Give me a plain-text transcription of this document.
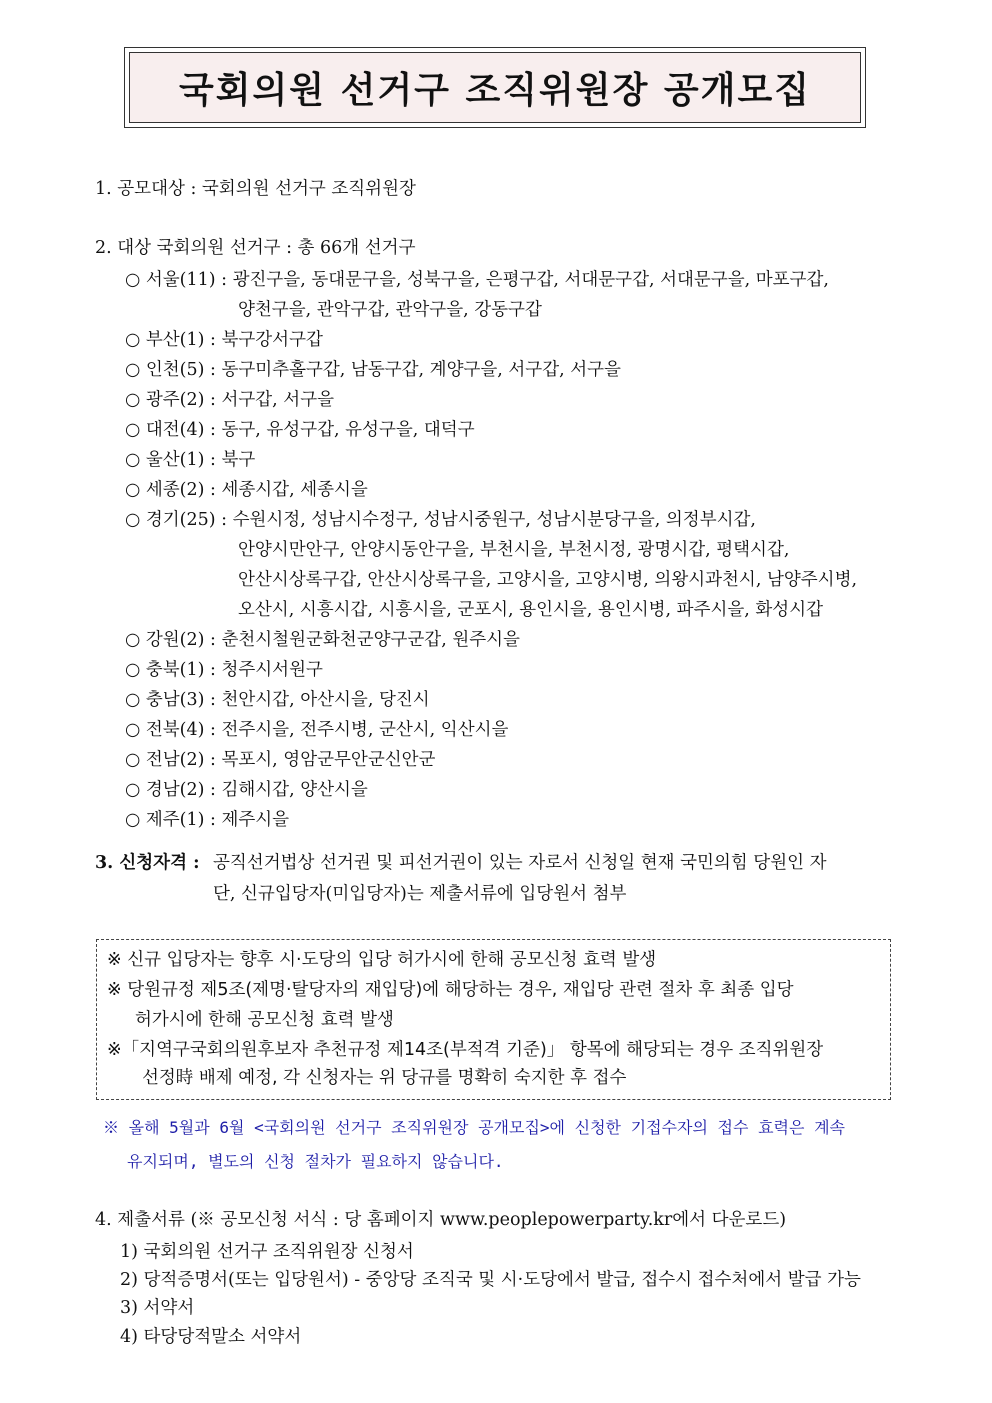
국회의원 선거구 조직위원장 공개모집
1. 공모대상 : 국회의원 선거구 조직위원장
2. 대상 국회의원 선거구 : 총 66개 선거구
○ 서울(11) : 광진구을, 동대문구을, 성북구을, 은평구갑, 서대문구갑, 서대문구을, 마포구갑,
양천구을, 관악구갑, 관악구을, 강동구갑
○ 부산(1) : 북구강서구갑
○ 인천(5) : 동구미추홀구갑, 남동구갑, 계양구을, 서구갑, 서구을
○ 광주(2) : 서구갑, 서구을
○ 대전(4) : 동구, 유성구갑, 유성구을, 대덕구
○ 울산(1) : 북구
○ 세종(2) : 세종시갑, 세종시을
○ 경기(25) : 수원시정, 성남시수정구, 성남시중원구, 성남시분당구을, 의정부시갑,
안양시만안구, 안양시동안구을, 부천시을, 부천시정, 광명시갑, 평택시갑,
안산시상록구갑, 안산시상록구을, 고양시을, 고양시병, 의왕시과천시, 남양주시병,
오산시, 시흥시갑, 시흥시을, 군포시, 용인시을, 용인시병, 파주시을, 화성시갑
○ 강원(2) : 춘천시철원군화천군양구군갑, 원주시을
○ 충북(1) : 청주시서원구
○ 충남(3) : 천안시갑, 아산시을, 당진시
○ 전북(4) : 전주시을, 전주시병, 군산시, 익산시을
○ 전남(2) : 목포시, 영암군무안군신안군
○ 경남(2) : 김해시갑, 양산시을
○ 제주(1) : 제주시을
3. 신청자격 : 공직선거법상 선거권 및 피선거권이 있는 자로서 신청일 현재 국민의힘 당원인 자
단, 신규입당자(미입당자)는 제출서류에 입당원서 첨부
※ 신규 입당자는 향후 시·도당의 입당 허가시에 한해 공모신청 효력 발생
※ 당원규정 제5조(제명·탈당자의 재입당)에 해당하는 경우, 재입당 관련 절차 후 최종 입당
허가시에 한해 공모신청 효력 발생
※「지역구국회의원후보자 추천규정 제14조(부적격 기준)」 항목에 해당되는 경우 조직위원장
선정時 배제 예정, 각 신청자는 위 당규를 명확히 숙지한 후 접수
※ 올해 5월과 6월 <국회의원 선거구 조직위원장 공개모집>에 신청한 기접수자의 접수 효력은 계속
유지되며, 별도의 신청 절차가 필요하지 않습니다.
4. 제출서류 (※ 공모신청 서식 : 당 홈페이지 www.peoplepowerparty.kr에서 다운로드)
1) 국회의원 선거구 조직위원장 신청서
2) 당적증명서(또는 입당원서) - 중앙당 조직국 및 시·도당에서 발급, 접수시 접수처에서 발급 가능
3) 서약서
4) 타당당적말소 서약서
